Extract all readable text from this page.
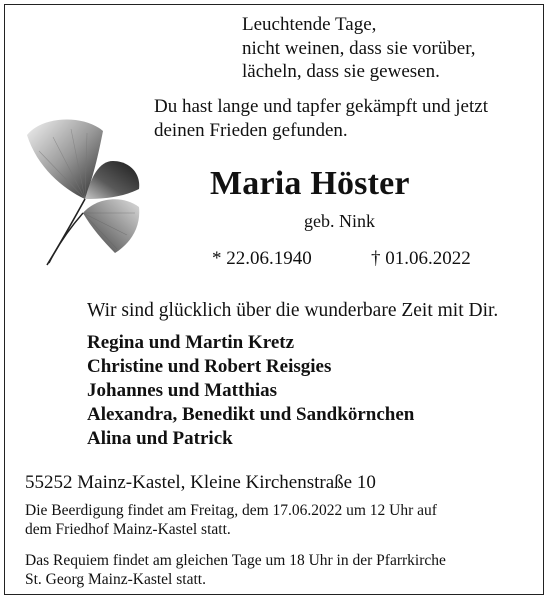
Leuchtende Tage,
nicht weinen, dass sie vorüber,
lächeln, dass sie gewesen.
Du hast lange und tapfer gekämpft und jetzt
deinen Frieden gefunden.
Maria Höster
geb. Nink
* 22.06.1940	† 01.06.2022
Wir sind glücklich über die wunderbare Zeit mit Dir.
Regina und Martin Kretz
Christine und Robert Reisgies
Johannes und Matthias
Alexandra, Benedikt und Sandkörnchen
Alina und Patrick
55252 Mainz-Kastel, Kleine Kirchenstraße 10
Die Beerdigung findet am Freitag, dem 17.06.2022 um 12 Uhr auf
dem Friedhof Mainz-Kastel statt.
Das Requiem findet am gleichen Tage um 18 Uhr in der Pfarrkirche
St. Georg Mainz-Kastel statt.
